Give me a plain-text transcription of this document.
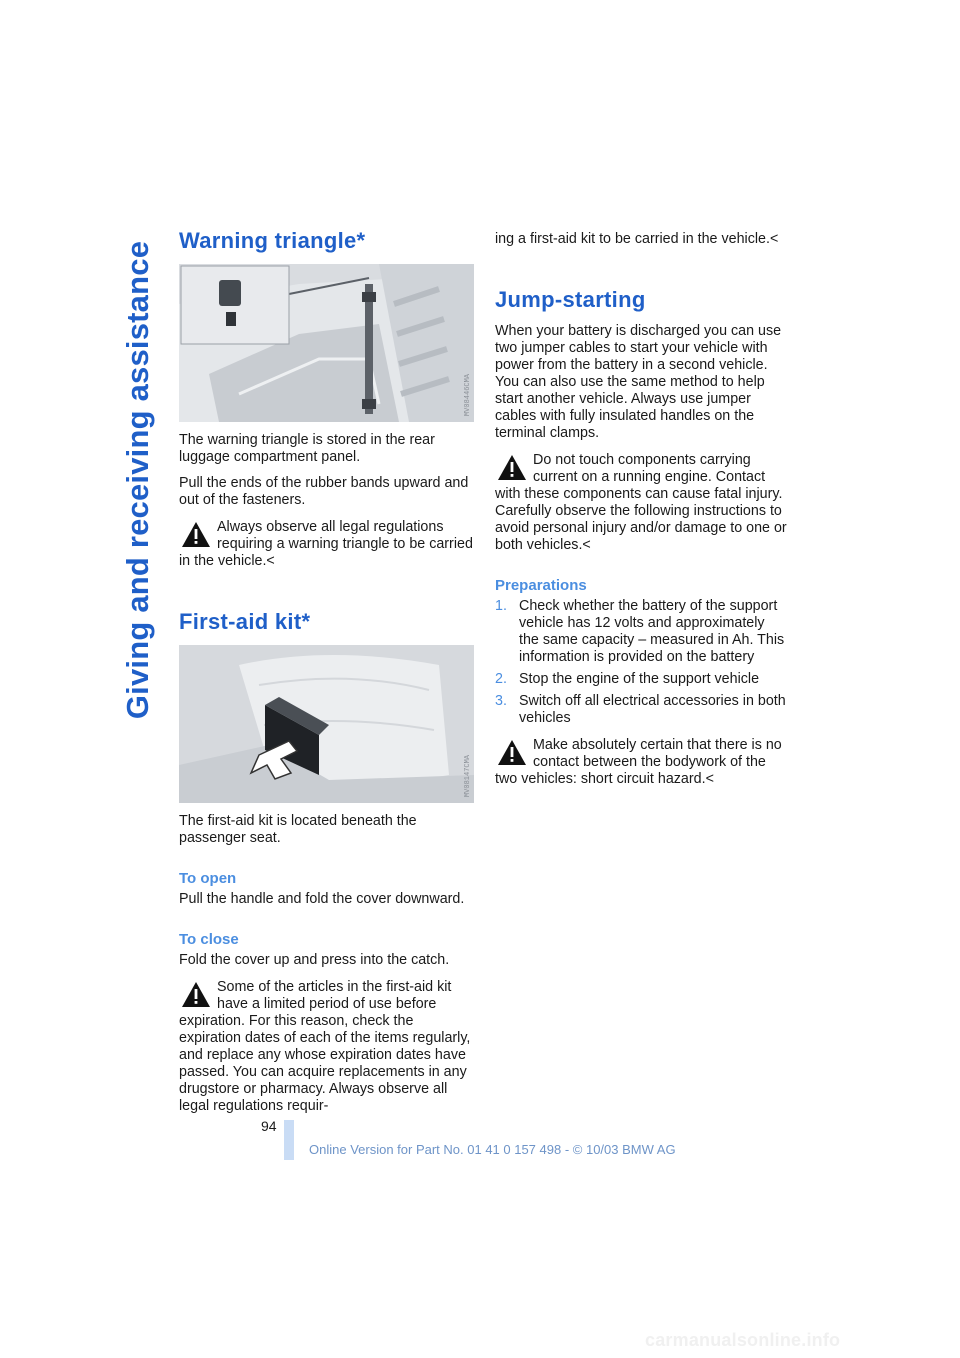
Giving and receiving assistance
Warning triangle*
MV08446CMA

The warning triangle is stored in the rear luggage compartment panel.

Pull the ends of the rubber bands upward and out of the fasteners.

Always observe all legal regulations requiring a warning triangle to be carried in the vehicle.<

First-aid kit*
MV08147CMA

The first-aid kit is located beneath the passenger seat.

To open

Pull the handle and fold the cover downward.

To close

Fold the cover up and press into the catch.

Some of the articles in the first-aid kit have a limited period of use before expiration. For this reason, check the expiration dates of each of the items regularly, and replace any whose expiration dates have passed. You can acquire replacements in any drugstore or pharmacy. Always observe all legal regulations requir-

ing a first-aid kit to be carried in the vehicle.<

Jump-starting

When your battery is discharged you can use two jumper cables to start your vehicle with power from the battery in a second vehicle. You can also use the same method to help start another vehicle. Always use jumper cables with fully insulated handles on the terminal clamps.

Do not touch components carrying current on a running engine. Contact with these components can cause fatal injury. Carefully observe the following instructions to avoid personal injury and/or damage to one or both vehicles.<

Preparations
1. Check whether the battery of the support vehicle has 12 volts and approximately the same capacity – measured in Ah. This information is provided on the battery
2. Stop the engine of the support vehicle
3. Switch off all electrical accessories in both vehicles

Make absolutely certain that there is no contact between the bodywork of the two vehicles: short circuit hazard.<

94
Online Version for Part No. 01 41 0 157 498 - © 10/03 BMW AG
carmanualsonline.info
